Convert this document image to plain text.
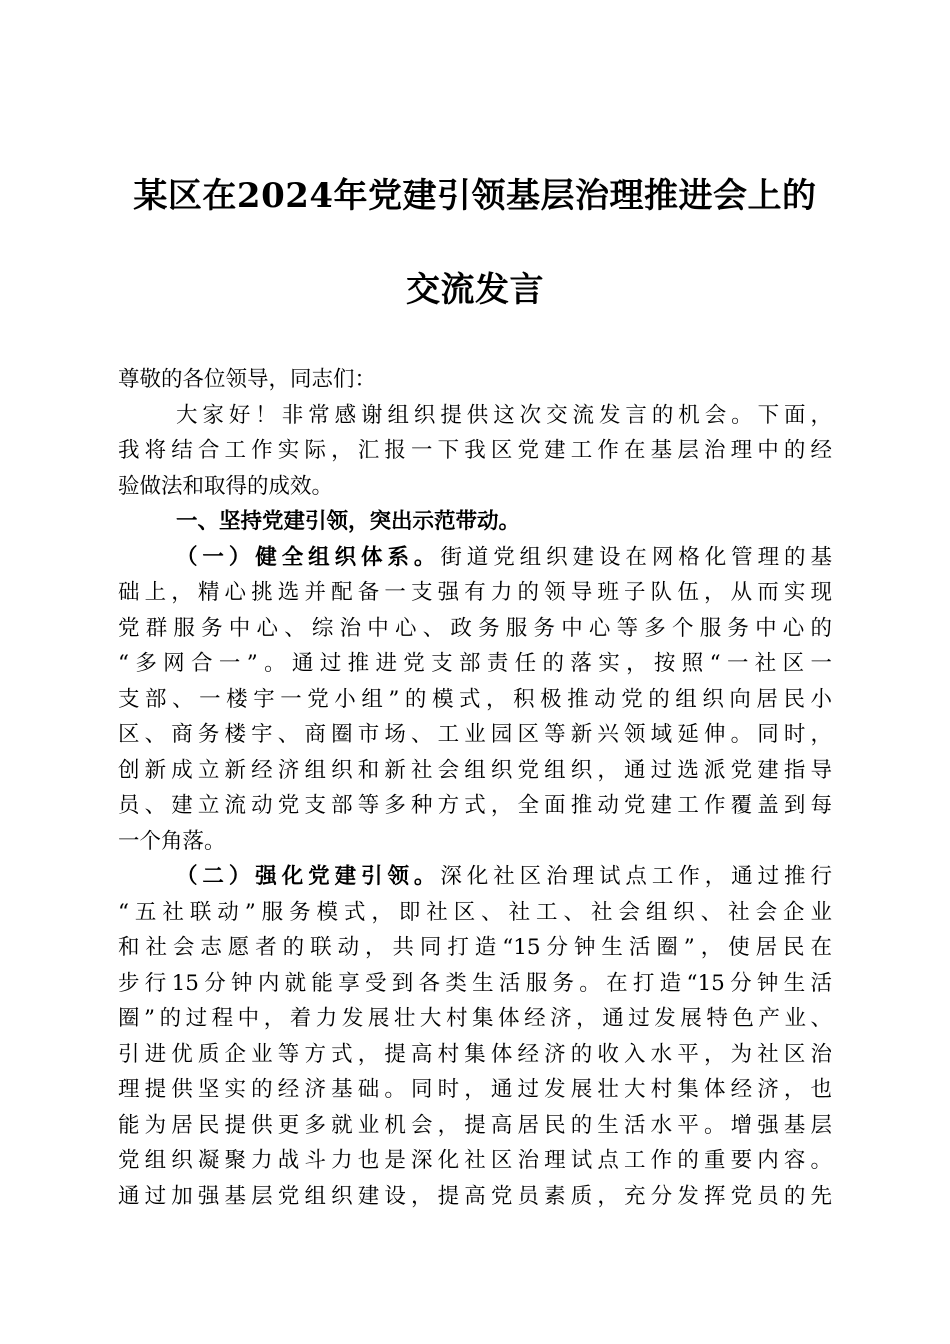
某区在2024年党建引领基层治理推进会上的
交流发言
尊敬的各位领导，同志们：
大家好！非常感谢组织提供这次交流发言的机会。下面，
我将结合工作实际，汇报一下我区党建工作在基层治理中的经
验做法和取得的成效。
一、坚持党建引领，突出示范带动。
（一）健全组织体系。街道党组织建设在网格化管理的基
础上，精心挑选并配备一支强有力的领导班子队伍，从而实现
党群服务中心、综治中心、政务服务中心等多个服务中心的
“多网合一”。通过推进党支部责任的落实，按照“一社区一
支部、一楼宇一党小组”的模式，积极推动党的组织向居民小
区、商务楼宇、商圈市场、工业园区等新兴领域延伸。同时，
创新成立新经济组织和新社会组织党组织，通过选派党建指导
员、建立流动党支部等多种方式，全面推动党建工作覆盖到每
一个角落。
（二）强化党建引领。深化社区治理试点工作，通过推行
“五社联动”服务模式，即社区、社工、社会组织、社会企业
和社会志愿者的联动，共同打造“15分钟生活圈”，使居民在
步行15分钟内就能享受到各类生活服务。在打造“15分钟生活
圈”的过程中，着力发展壮大村集体经济，通过发展特色产业、
引进优质企业等方式，提高村集体经济的收入水平，为社区治
理提供坚实的经济基础。同时，通过发展壮大村集体经济，也
能为居民提供更多就业机会，提高居民的生活水平。增强基层
党组织凝聚力战斗力也是深化社区治理试点工作的重要内容。
通过加强基层党组织建设，提高党员素质，充分发挥党员的先
